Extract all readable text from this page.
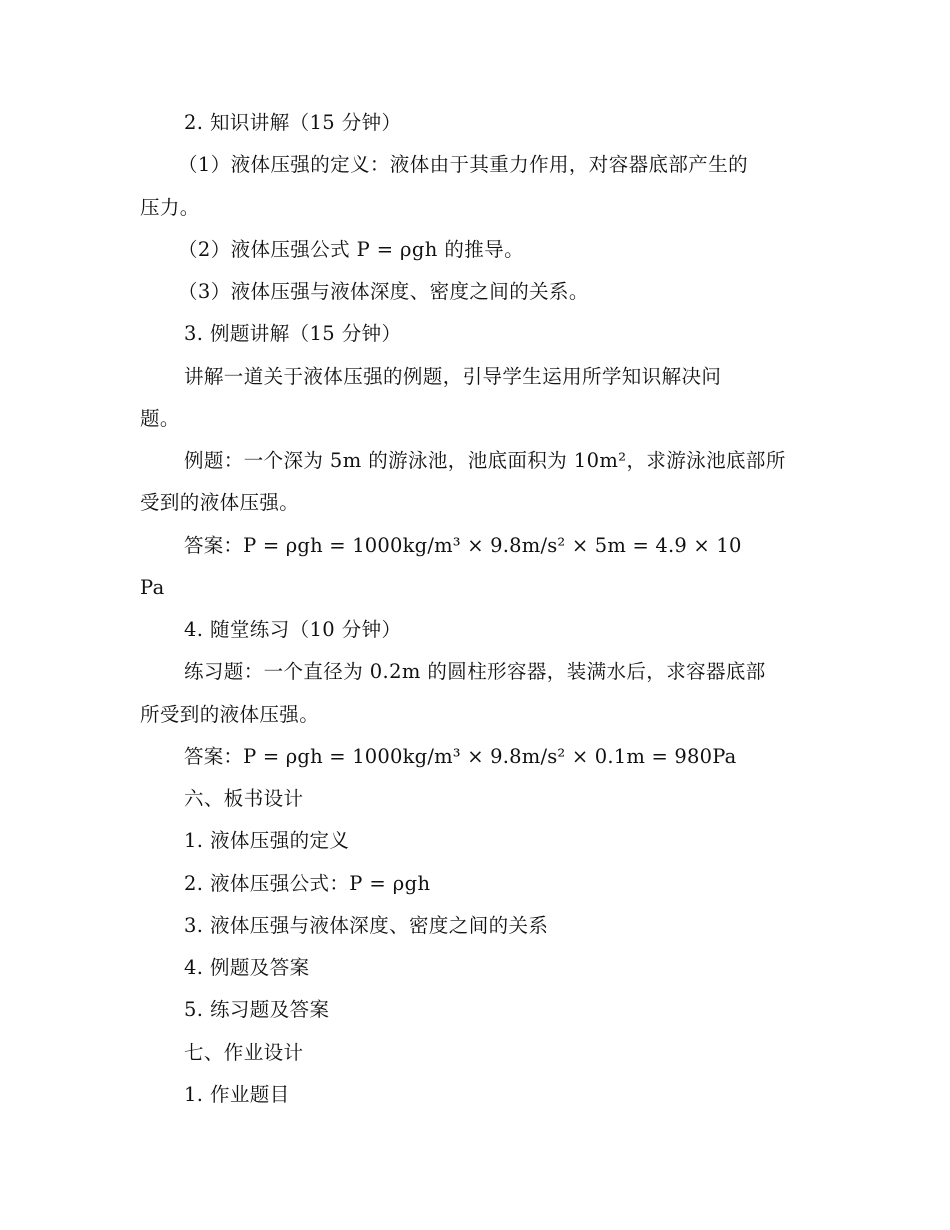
2. 知识讲解（15 分钟）
（1）液体压强的定义：液体由于其重力作用，对容器底部产生的
压力。
（2）液体压强公式 P = ρgh 的推导。
（3）液体压强与液体深度、密度之间的关系。
3. 例题讲解（15 分钟）
讲解一道关于液体压强的例题，引导学生运用所学知识解决问
题。
例题：一个深为 5m 的游泳池，池底面积为 10m²，求游泳池底部所
受到的液体压强。
答案：P = ρgh = 1000kg/m³ × 9.8m/s² × 5m = 4.9 × 10
Pa
4. 随堂练习（10 分钟）
练习题：一个直径为 0.2m 的圆柱形容器，装满水后，求容器底部
所受到的液体压强。
答案：P = ρgh = 1000kg/m³ × 9.8m/s² × 0.1m = 980Pa
六、板书设计
1. 液体压强的定义
2. 液体压强公式：P = ρgh
3. 液体压强与液体深度、密度之间的关系
4. 例题及答案
5. 练习题及答案
七、作业设计
1. 作业题目
